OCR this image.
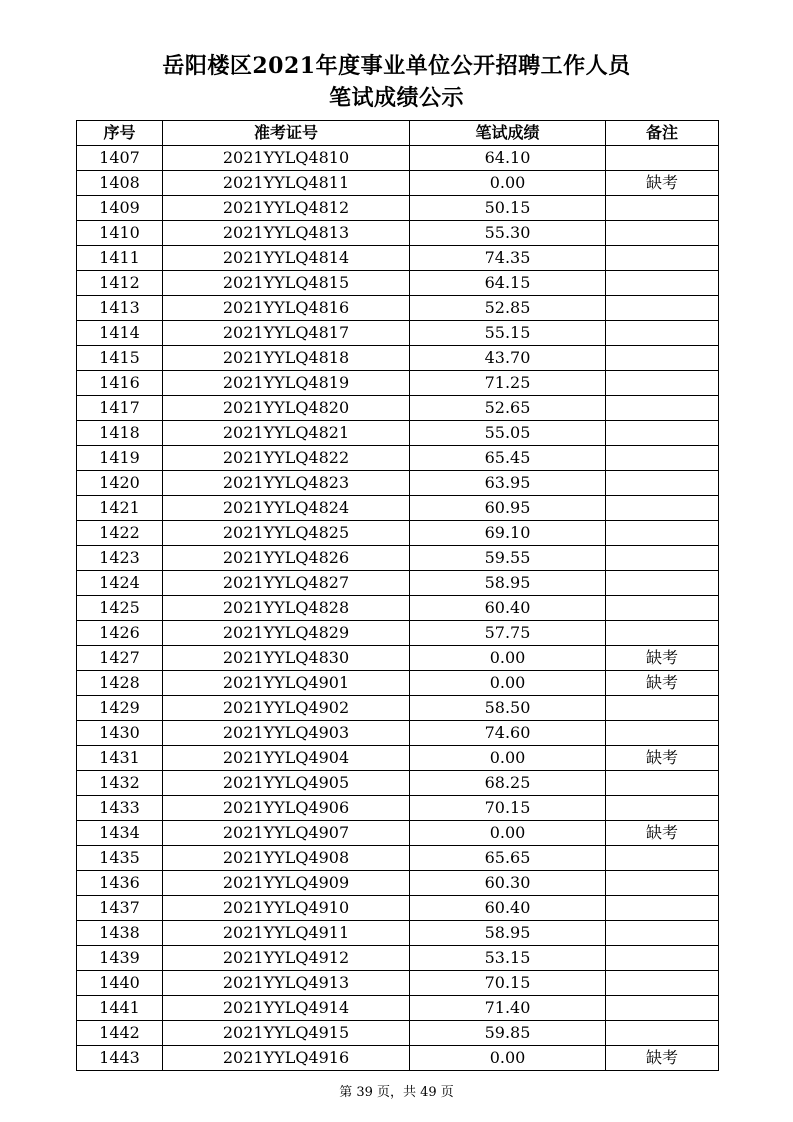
岳阳楼区2021年度事业单位公开招聘工作人员
笔试成绩公示
序号	准考证号	笔试成绩	备注
1407	2021YYLQ4810	64.10	
1408	2021YYLQ4811	0.00	缺考
1409	2021YYLQ4812	50.15	
1410	2021YYLQ4813	55.30	
1411	2021YYLQ4814	74.35	
1412	2021YYLQ4815	64.15	
1413	2021YYLQ4816	52.85	
1414	2021YYLQ4817	55.15	
1415	2021YYLQ4818	43.70	
1416	2021YYLQ4819	71.25	
1417	2021YYLQ4820	52.65	
1418	2021YYLQ4821	55.05	
1419	2021YYLQ4822	65.45	
1420	2021YYLQ4823	63.95	
1421	2021YYLQ4824	60.95	
1422	2021YYLQ4825	69.10	
1423	2021YYLQ4826	59.55	
1424	2021YYLQ4827	58.95	
1425	2021YYLQ4828	60.40	
1426	2021YYLQ4829	57.75	
1427	2021YYLQ4830	0.00	缺考
1428	2021YYLQ4901	0.00	缺考
1429	2021YYLQ4902	58.50	
1430	2021YYLQ4903	74.60	
1431	2021YYLQ4904	0.00	缺考
1432	2021YYLQ4905	68.25	
1433	2021YYLQ4906	70.15	
1434	2021YYLQ4907	0.00	缺考
1435	2021YYLQ4908	65.65	
1436	2021YYLQ4909	60.30	
1437	2021YYLQ4910	60.40	
1438	2021YYLQ4911	58.95	
1439	2021YYLQ4912	53.15	
1440	2021YYLQ4913	70.15	
1441	2021YYLQ4914	71.40	
1442	2021YYLQ4915	59.85	
1443	2021YYLQ4916	0.00	缺考
第 39 页，共 49 页
